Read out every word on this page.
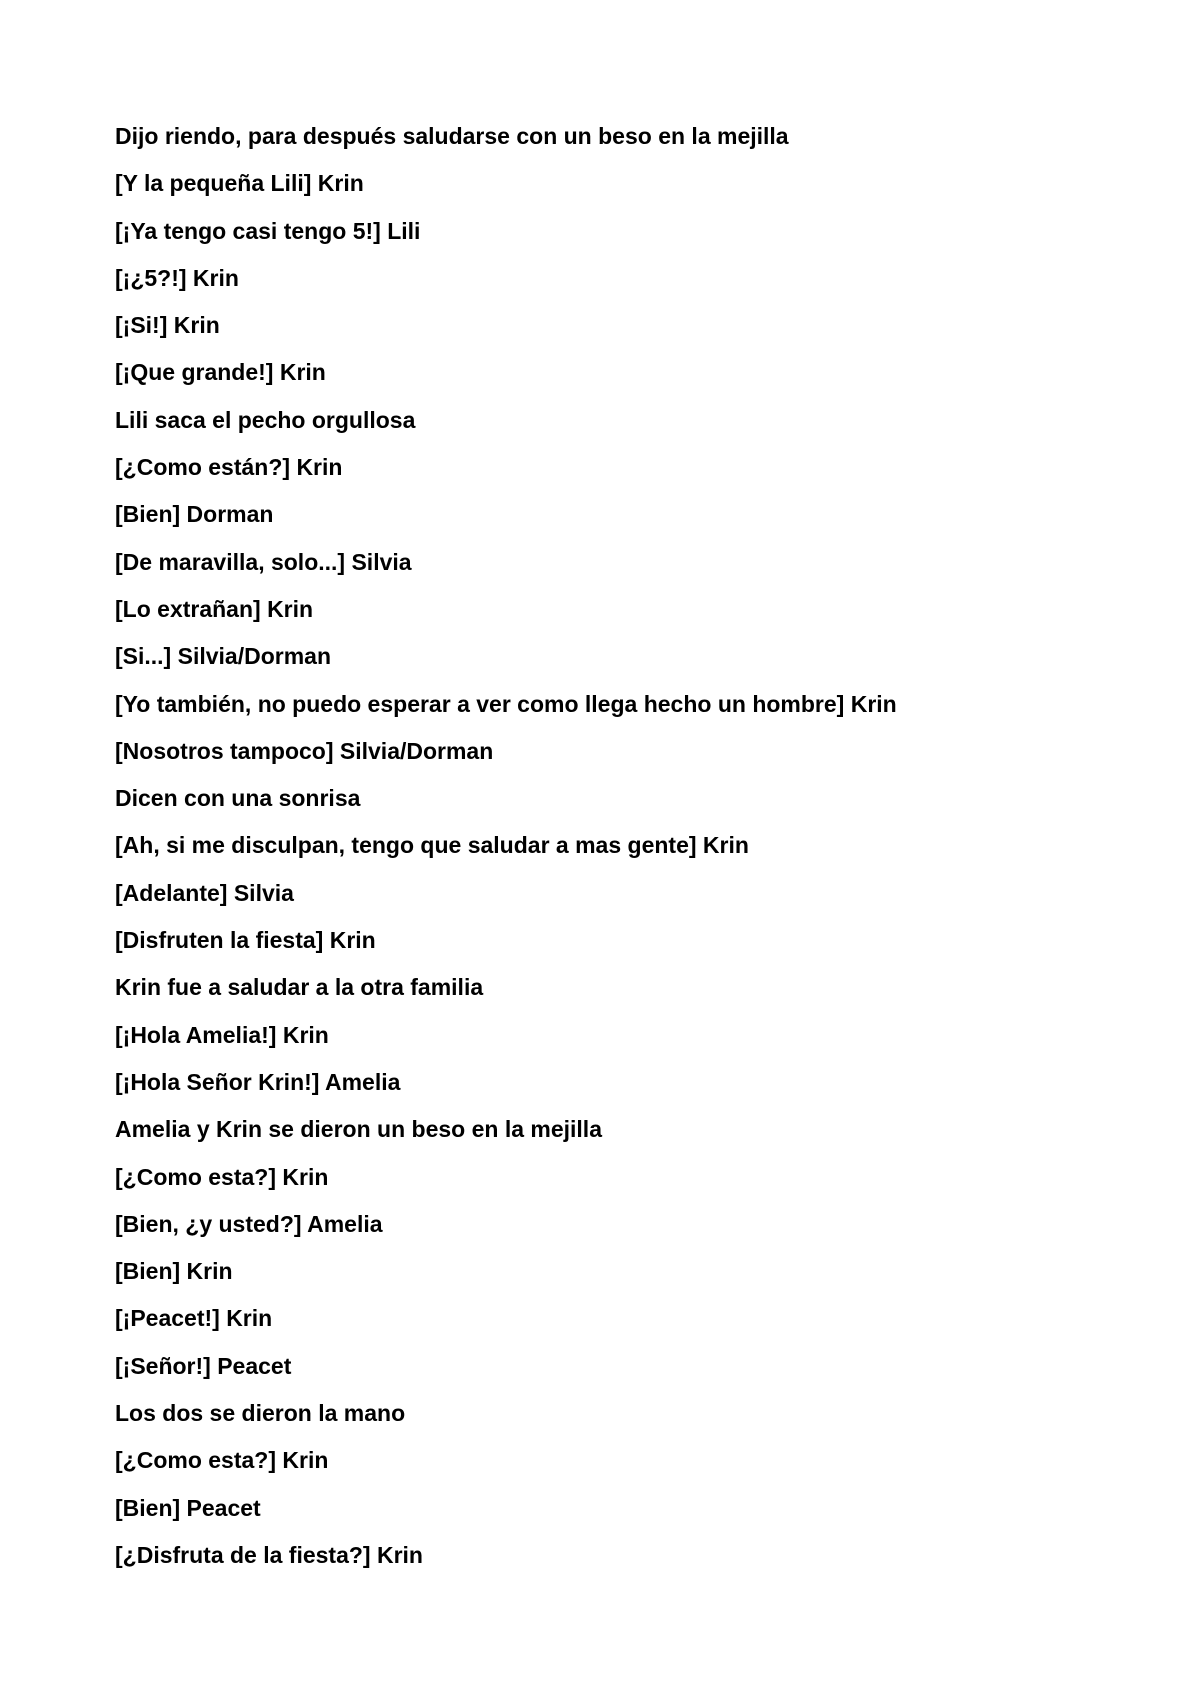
Dijo riendo, para después saludarse con un beso en la mejilla
[Y la pequeña Lili] Krin
[¡Ya tengo casi tengo 5!] Lili
[¡¿5?!] Krin
[¡Si!] Krin
[¡Que grande!] Krin
Lili saca el pecho orgullosa
[¿Como están?] Krin
[Bien] Dorman
[De maravilla, solo...] Silvia
[Lo extrañan] Krin
[Si...] Silvia/Dorman
[Yo también, no puedo esperar a ver como llega hecho un hombre] Krin
[Nosotros tampoco] Silvia/Dorman
Dicen con una sonrisa
[Ah, si me disculpan, tengo que saludar a mas gente] Krin
[Adelante] Silvia
[Disfruten la fiesta] Krin
Krin fue a saludar a la otra familia
[¡Hola Amelia!] Krin
[¡Hola Señor Krin!] Amelia
Amelia y Krin se dieron un beso en la mejilla
[¿Como esta?] Krin
[Bien, ¿y usted?] Amelia
[Bien] Krin
[¡Peacet!] Krin
[¡Señor!] Peacet
Los dos se dieron la mano
[¿Como esta?] Krin
[Bien] Peacet
[¿Disfruta de la fiesta?] Krin
